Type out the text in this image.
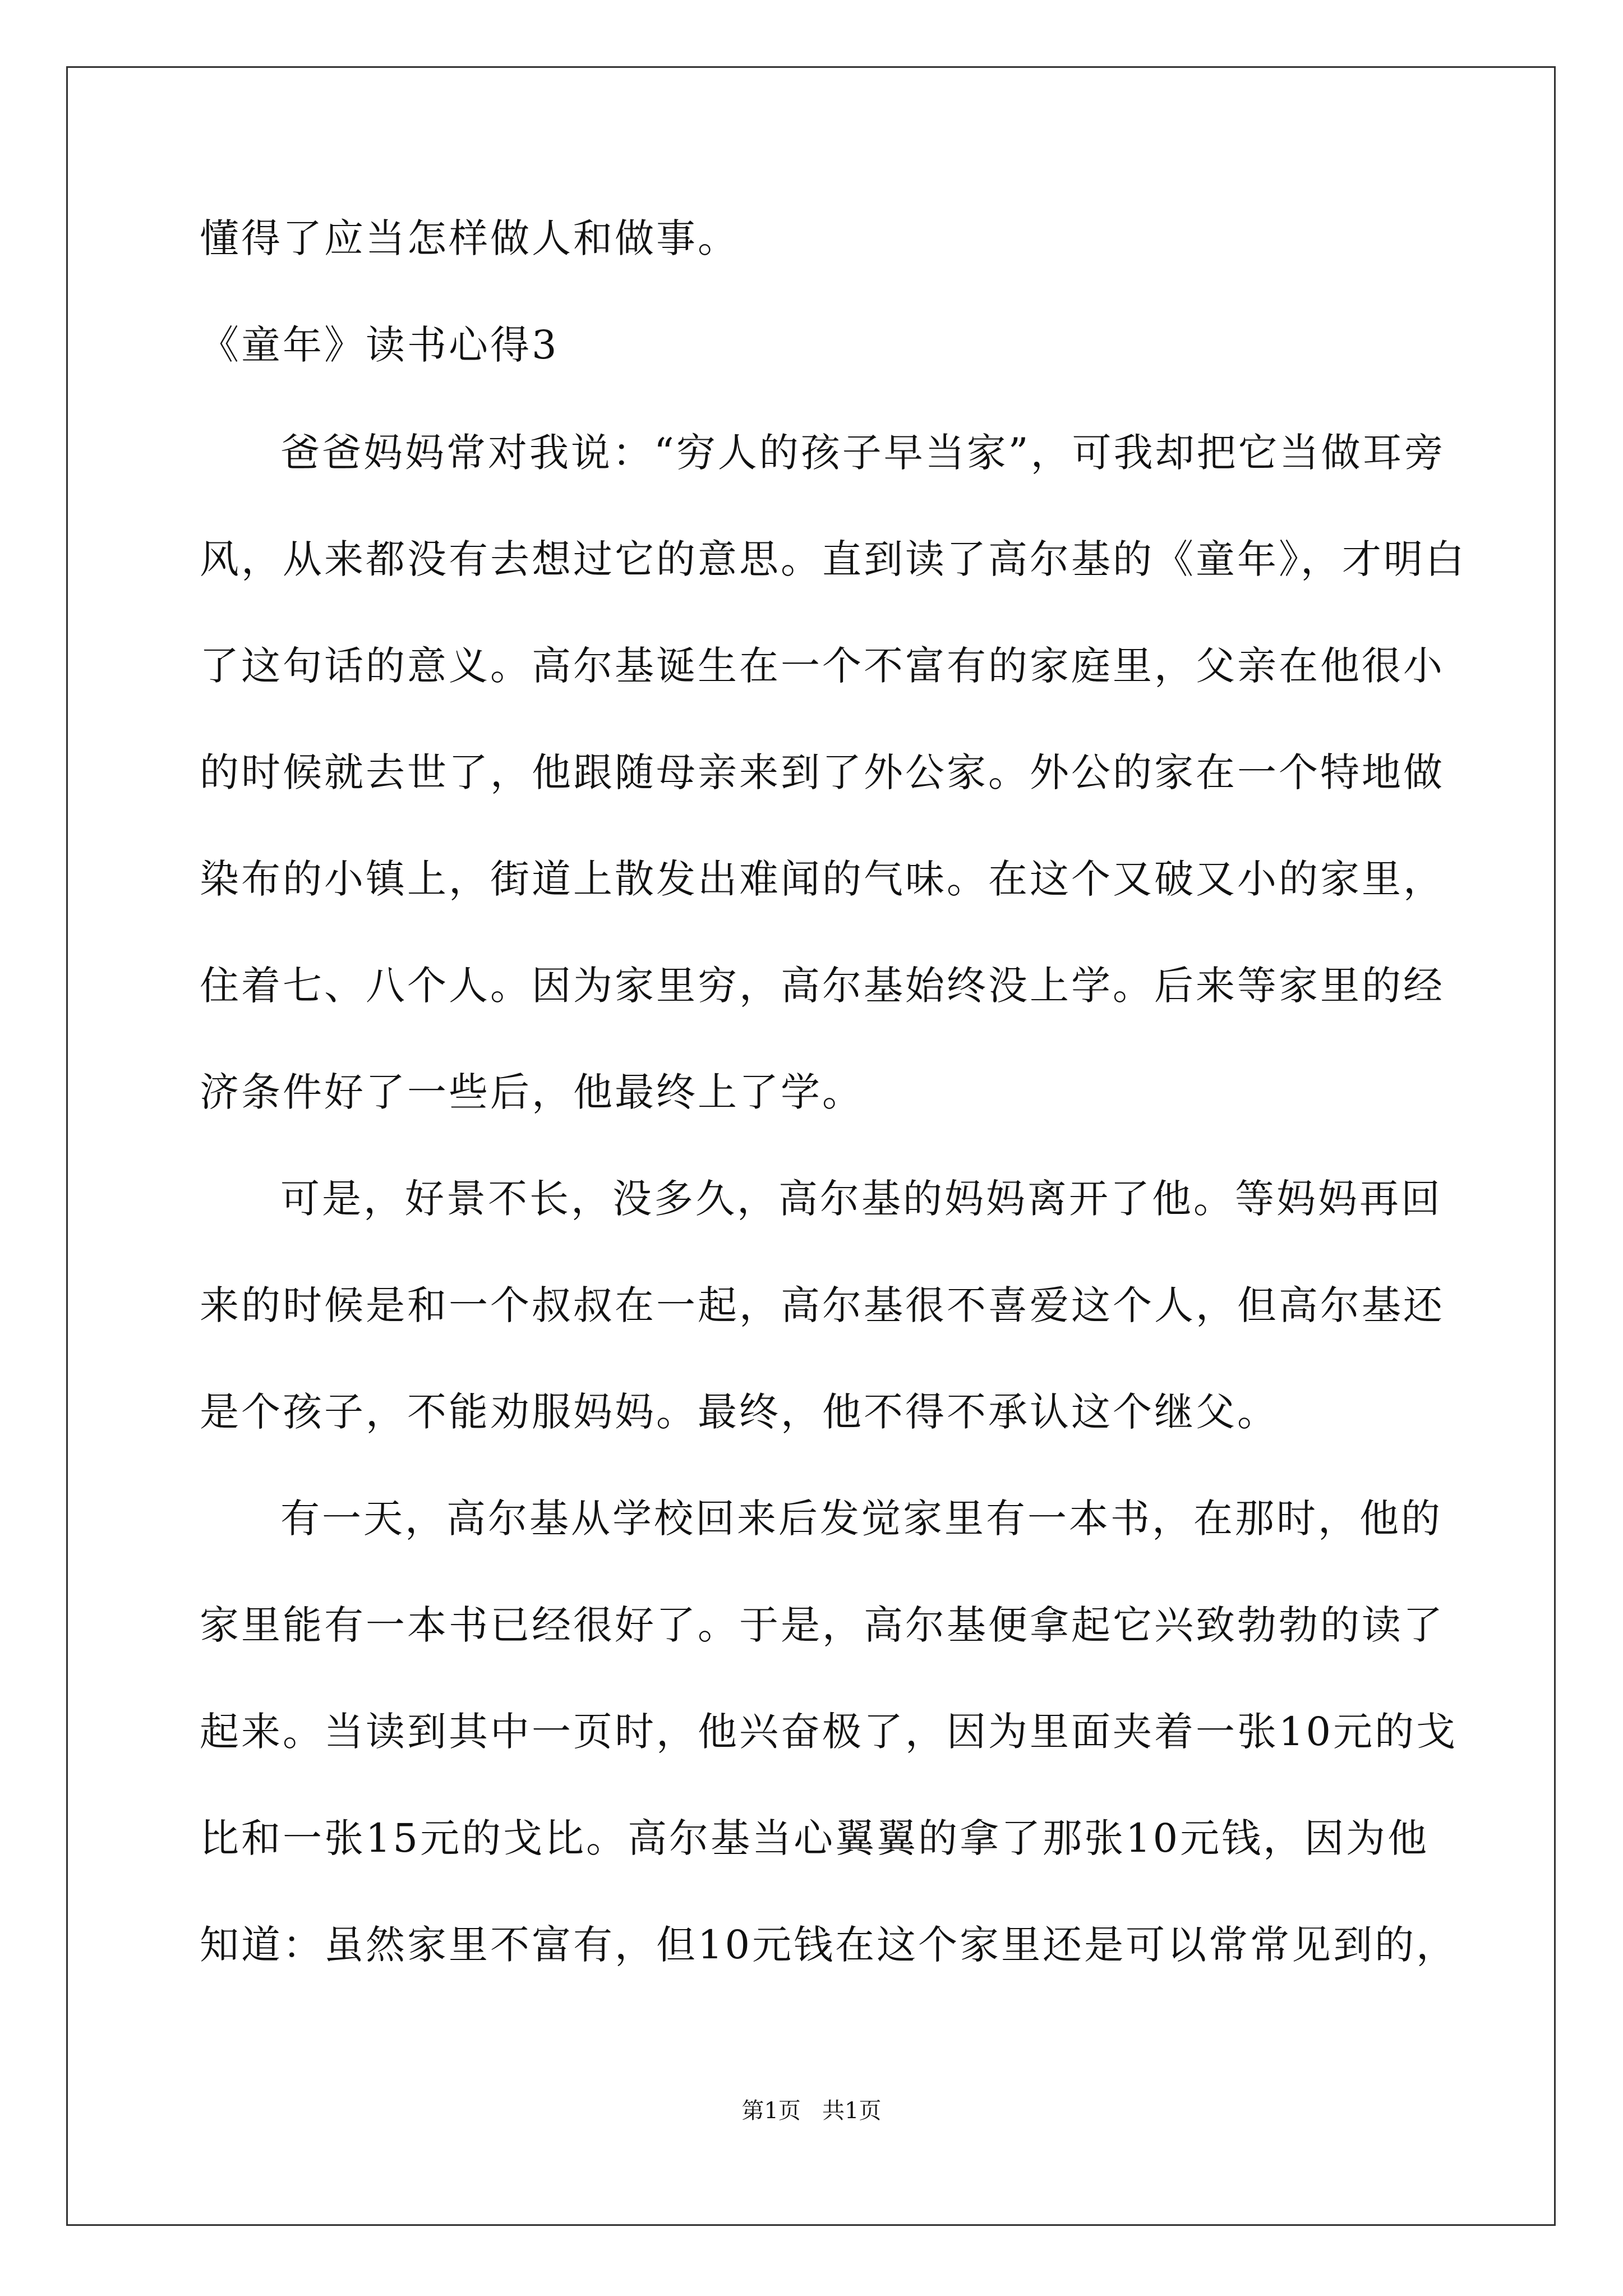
懂得了应当怎样做人和做事。
《童年》读书心得3
爸爸妈妈常对我说：“穷人的孩子早当家”，可我却把它当做耳旁
风，从来都没有去想过它的意思。直到读了高尔基的《童年》，才明白
了这句话的意义。高尔基诞生在一个不富有的家庭里，父亲在他很小
的时候就去世了，他跟随母亲来到了外公家。外公的家在一个特地做
染布的小镇上，街道上散发出难闻的气味。在这个又破又小的家里，
住着七、八个人。因为家里穷，高尔基始终没上学。后来等家里的经
济条件好了一些后，他最终上了学。
可是，好景不长，没多久，高尔基的妈妈离开了他。等妈妈再回
来的时候是和一个叔叔在一起，高尔基很不喜爱这个人，但高尔基还
是个孩子，不能劝服妈妈。最终，他不得不承认这个继父。
有一天，高尔基从学校回来后发觉家里有一本书，在那时，他的
家里能有一本书已经很好了。于是，高尔基便拿起它兴致勃勃的读了
起来。当读到其中一页时，他兴奋极了，因为里面夹着一张10元的戈
比和一张15元的戈比。高尔基当心翼翼的拿了那张10元钱，因为他
知道：虽然家里不富有，但10元钱在这个家里还是可以常常见到的，
第1页   共1页
